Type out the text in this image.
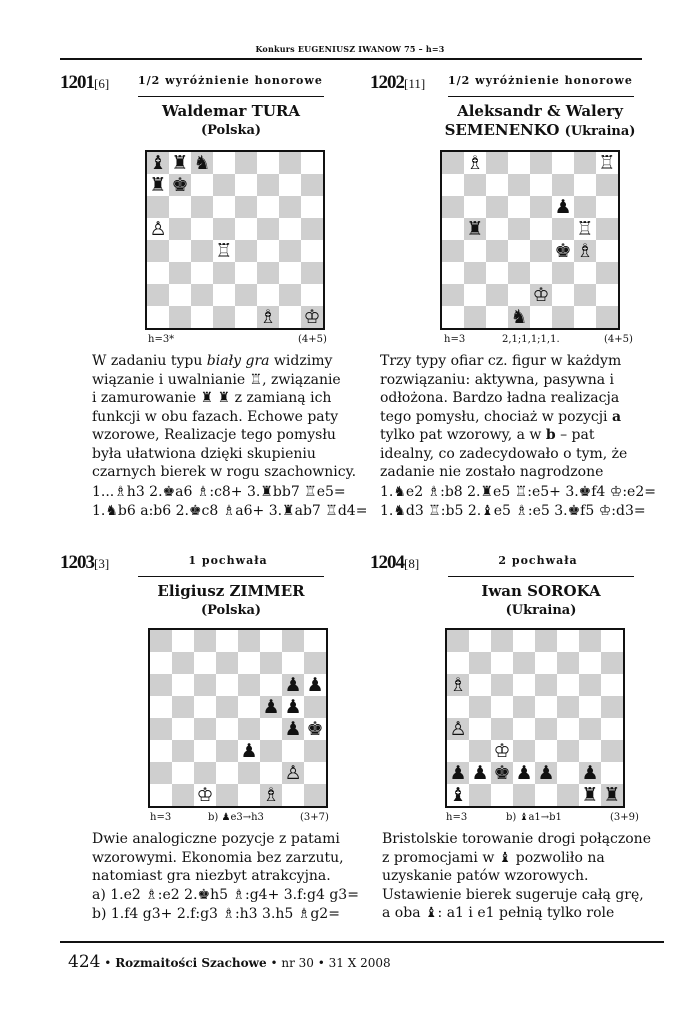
Konkurs EUGENIUSZ IWANOW 75 – h=3
1201[6]	1/2 wyróżnienie honorowe
Waldemar TURA
(Polska)
♝ ♜ ♞
♜ ♚
♙
♖
♗ ♔
h=3*	(4+5)
W zadaniu typu biały gra widzimy
wiązanie i uwalnianie ♖, związanie
i zamurowanie ♜ ♜ z zamianą ich
funkcji w obu fazach. Echowe paty
wzorowe, Realizacje tego pomysłu
była ułatwiona dzięki skupieniu
czarnych bierek w rogu szachownicy.
1...♗h3 2.♚a6 ♗:c8+ 3.♜bb7 ♖e5=
1.♞b6 a:b6 2.♚c8 ♗a6+ 3.♜ab7 ♖d4=
1202[11] 1/2 wyróżnienie honorowe
Aleksandr & Walery
SEMENENKO (Ukraina)
♗	♖
♟
♜	♖
♚ ♗
♔
♞
h=3	2,1;1,1;1,1.	(4+5)
Trzy typy ofiar cz. figur w każdym
rozwiązaniu: aktywna, pasywna i
odłożona. Bardzo ładna realizacja
tego pomysłu, chociaż w pozycji a
tylko pat wzorowy, a w b – pat
idealny, co zadecydowało o tym, że
zadanie nie zostało nagrodzone
1.♞e2 ♗:b8 2.♜e5 ♖:e5+ 3.♚f4 ♔:e2=
1.♞d3 ♖:b5 2.♝e5 ♗:e5 3.♚f5 ♔:d3=
1203[3]	1 pochwała
Eligiusz ZIMMER
(Polska)
♟ ♟
♟ ♟
♟ ♚
♟
♙
♔	♗
h=3	b) ♟e3→h3	(3+7)
Dwie analogiczne pozycje z patami
wzorowymi. Ekonomia bez zarzutu,
natomiast gra niezbyt atrakcyjna.
a) 1.e2 ♗:e2 2.♚h5 ♗:g4+ 3.f:g4 g3=
b) 1.f4 g3+ 2.f:g3 ♗:h3 3.h5 ♗g2=
1204[8]	2 pochwała
Iwan SOROKA
(Ukraina)
♗
♙
♔
♟ ♟ ♚ ♟ ♟ ♟
♝	♜ ♜
h=3	b) ♝a1→b1	(3+9)
Bristolskie torowanie drogi połączone
z promocjami w ♝ pozwoliło na
uzyskanie patów wzorowych.
Ustawienie bierek sugeruje całą grę,
a oba ♝: a1 i e1 pełnią tylko role
424 • Rozmaitości Szachowe • nr 30 • 31 X 2008
